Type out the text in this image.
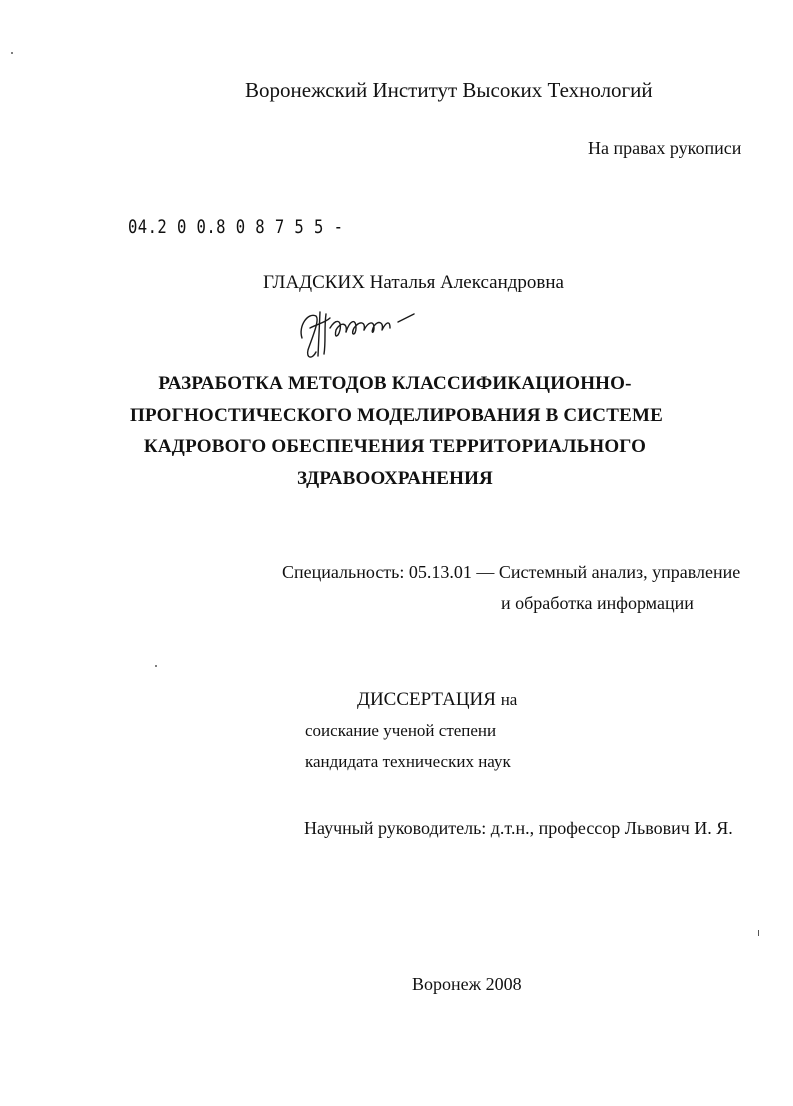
Воронежский Институт Высоких Технологий
На правах рукописи
04.2 0 0.8 0 8 7 5 5 -
ГЛАДСКИХ Наталья Александровна
РАЗРАБОТКА МЕТОДОВ КЛАССИФИКАЦИОННО-
ПРОГНОСТИЧЕСКОГО МОДЕЛИРОВАНИЯ В СИСТЕМЕ
КАДРОВОГО ОБЕСПЕЧЕНИЯ ТЕРРИТОРИАЛЬНОГО
ЗДРАВООХРАНЕНИЯ
Специальность: 05.13.01 — Системный анализ, управление
и обработка информации
ДИССЕРТАЦИЯ на
соискание ученой степени
кандидата технических наук
Научный руководитель: д.т.н., профессор Львович И. Я.
Воронеж 2008
